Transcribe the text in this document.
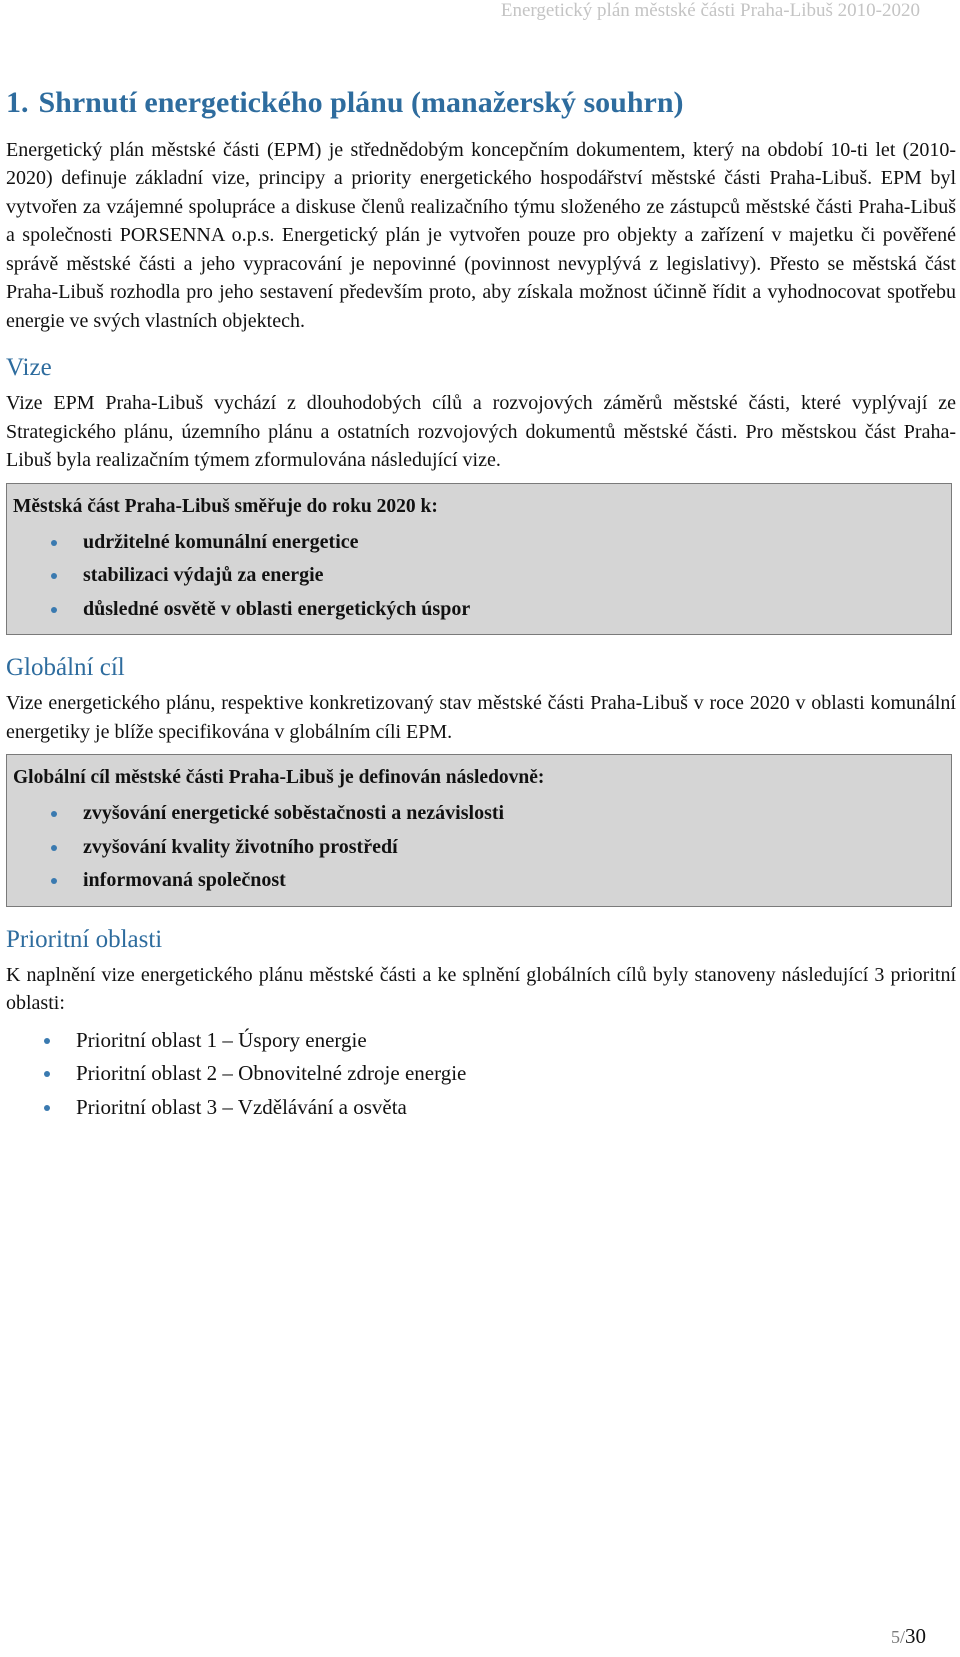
Energetický plán městské části Praha-Libuš 2010-2020
1. Shrnutí energetického plánu (manažerský souhrn)

Energetický plán městské části (EPM) je střednědobým koncepčním dokumentem, který na období 10-ti let (2010-2020) definuje základní vize, principy a priority energetického hospodářství městské části Praha-Libuš. EPM byl vytvořen za vzájemné spolupráce a diskuse členů realizačního týmu složeného ze zástupců městské části Praha-Libuš a společnosti PORSENNA o.p.s. Energetický plán je vytvořen pouze pro objekty a zařízení v majetku či pověřené správě městské části a jeho vypracování je nepovinné (povinnost nevyplývá z legislativy). Přesto se městská část Praha-Libuš rozhodla pro jeho sestavení především proto, aby získala možnost účinně řídit a vyhodnocovat spotřebu energie ve svých vlastních objektech.

Vize

Vize EPM Praha-Libuš vychází z dlouhodobých cílů a rozvojových záměrů městské části, které vyplývají ze Strategického plánu, územního plánu a ostatních rozvojových dokumentů městské části. Pro městskou část Praha-Libuš byla realizačním týmem zformulována následující vize.

Městská část Praha-Libuš směřuje do roku 2020 k:
udržitelné komunální energetice
stabilizaci výdajů za energie
důsledné osvětě v oblasti energetických úspor
Globální cíl

Vize energetického plánu, respektive konkretizovaný stav městské části Praha-Libuš v roce 2020 v oblasti komunální energetiky je blíže specifikována v globálním cíli EPM.

Globální cíl městské části Praha-Libuš je definován následovně:
zvyšování energetické soběstačnosti a nezávislosti
zvyšování kvality životního prostředí
informovaná společnost
Prioritní oblasti

K naplnění vize energetického plánu městské části a ke splnění globálních cílů byly stanoveny následující 3 prioritní oblasti:

Prioritní oblast 1 – Úspory energie
Prioritní oblast 2 – Obnovitelné zdroje energie
Prioritní oblast 3 – Vzdělávání a osvěta
5/30
